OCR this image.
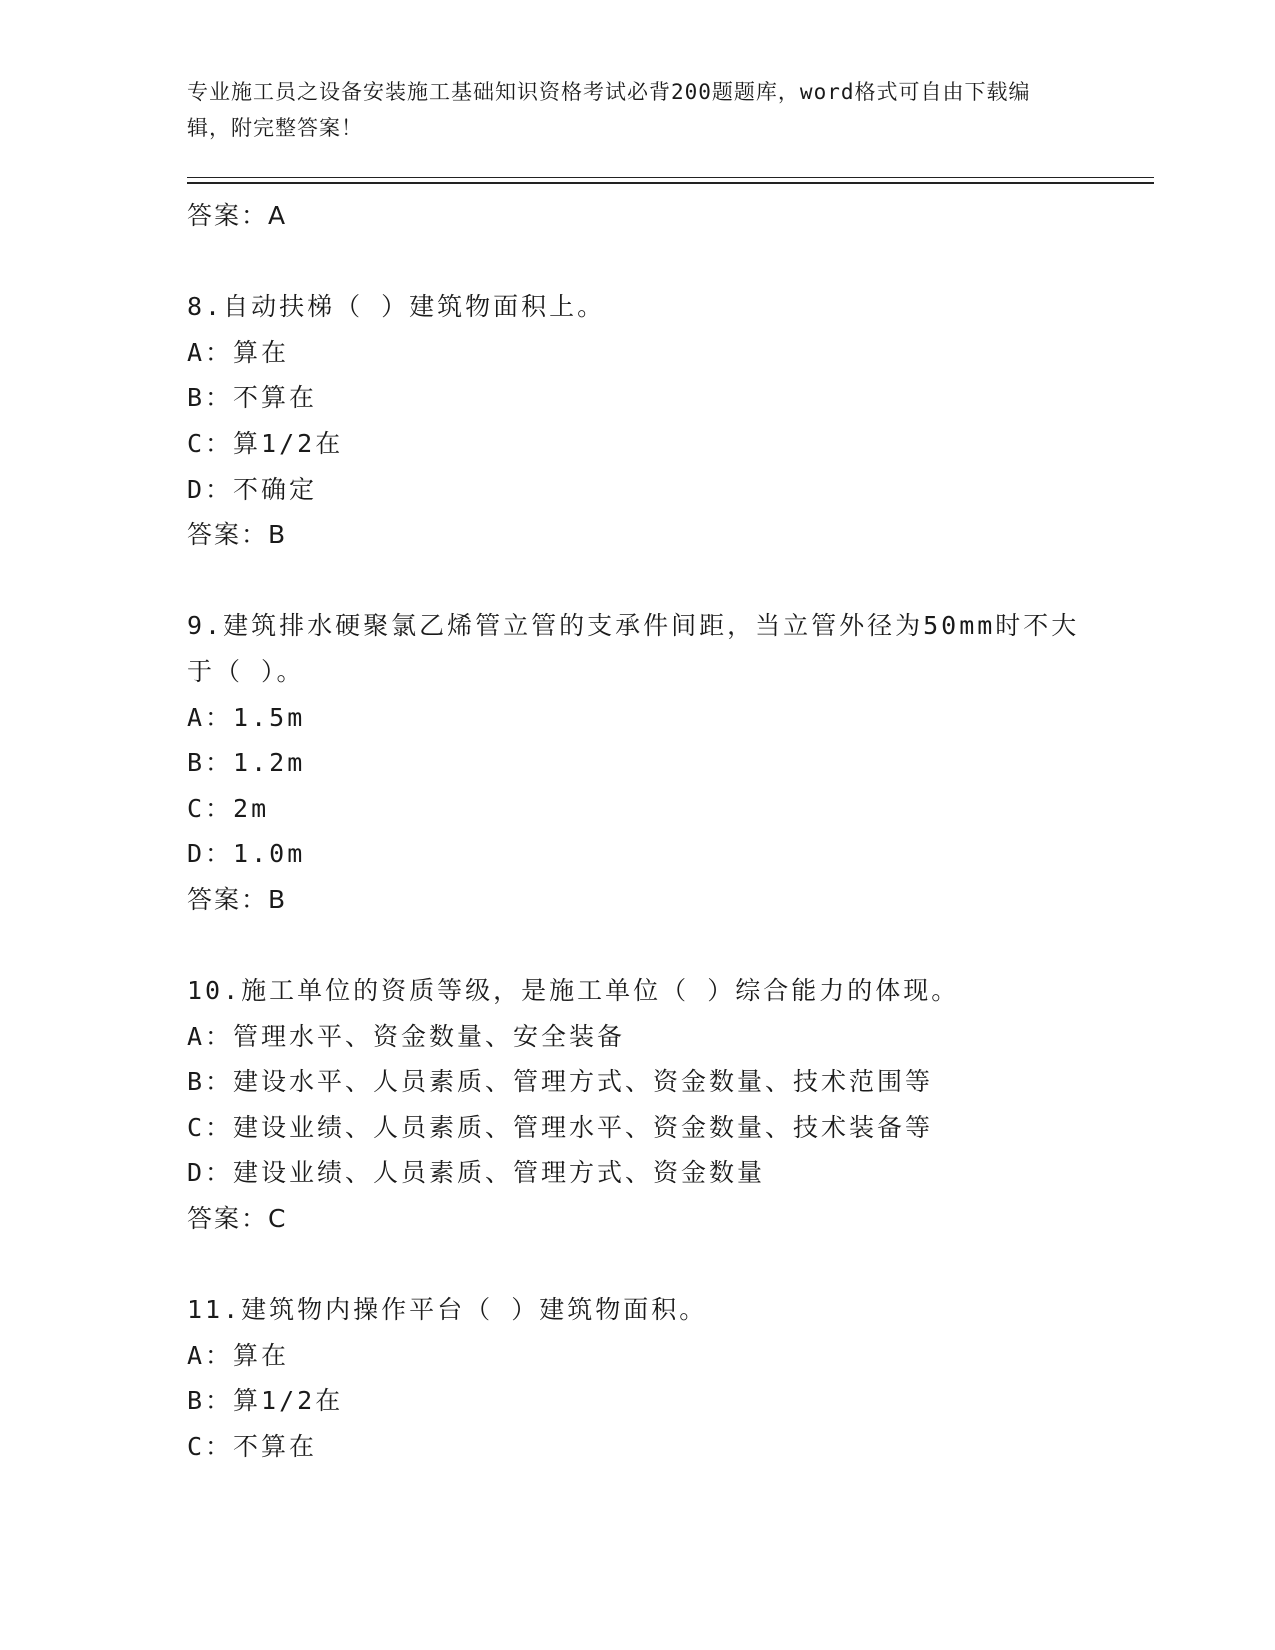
专业施工员之设备安装施工基础知识资格考试必背200题题库，word格式可自由下载编辑，附完整答案！
答案：A
8.自动扶梯（ ）建筑物面积上。
A：算在
B：不算在
C：算1/2在
D：不确定
答案：B
9.建筑排水硬聚氯乙烯管立管的支承件间距，当立管外径为50mm时不大于（ ）。
A：1.5m
B：1.2m
C：2m
D：1.0m
答案：B
10.施工单位的资质等级，是施工单位（ ）综合能力的体现。
A：管理水平、资金数量、安全装备
B：建设水平、人员素质、管理方式、资金数量、技术范围等
C：建设业绩、人员素质、管理水平、资金数量、技术装备等
D：建设业绩、人员素质、管理方式、资金数量
答案：C
11.建筑物内操作平台（ ）建筑物面积。
A：算在
B：算1/2在
C：不算在
